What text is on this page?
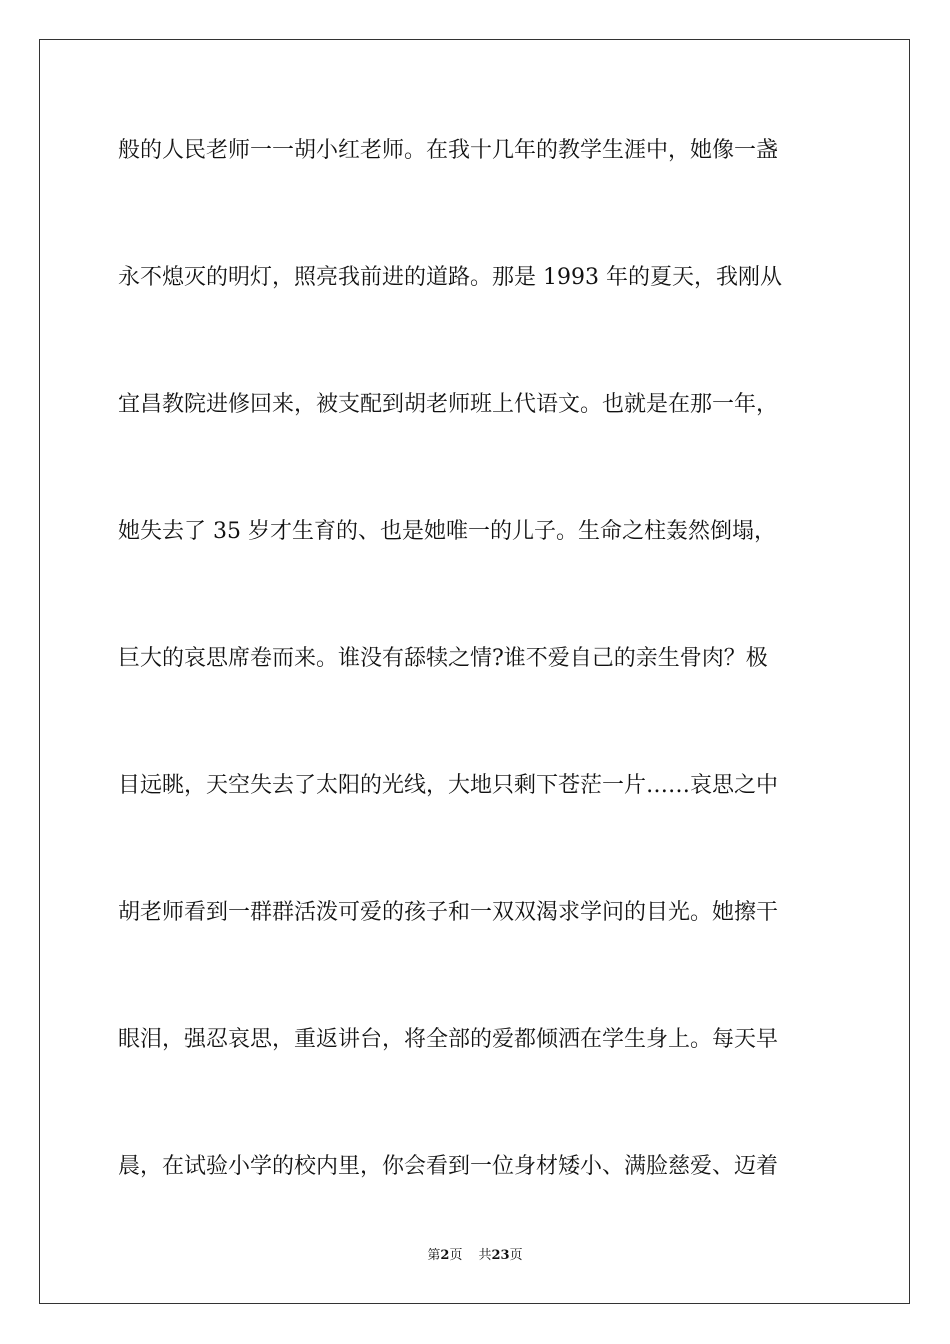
般的人民老师一一胡小红老师。在我十几年的教学生涯中，她像一盏
永不熄灭的明灯，照亮我前进的道路。那是 1993 年的夏天，我刚从
宜昌教院进修回来，被支配到胡老师班上代语文。也就是在那一年，
她失去了 35 岁才生育的、也是她唯一的儿子。生命之柱轰然倒塌，
巨大的哀思席卷而来。谁没有舔犊之情?谁不爱自己的亲生骨肉？极
目远眺，天空失去了太阳的光线，大地只剩下苍茫一片……哀思之中
胡老师看到一群群活泼可爱的孩子和一双双渴求学问的目光。她擦干
眼泪，强忍哀思，重返讲台，将全部的爱都倾洒在学生身上。每天早
晨，在试验小学的校内里，你会看到一位身材矮小、满脸慈爱、迈着
第2页 共23页
